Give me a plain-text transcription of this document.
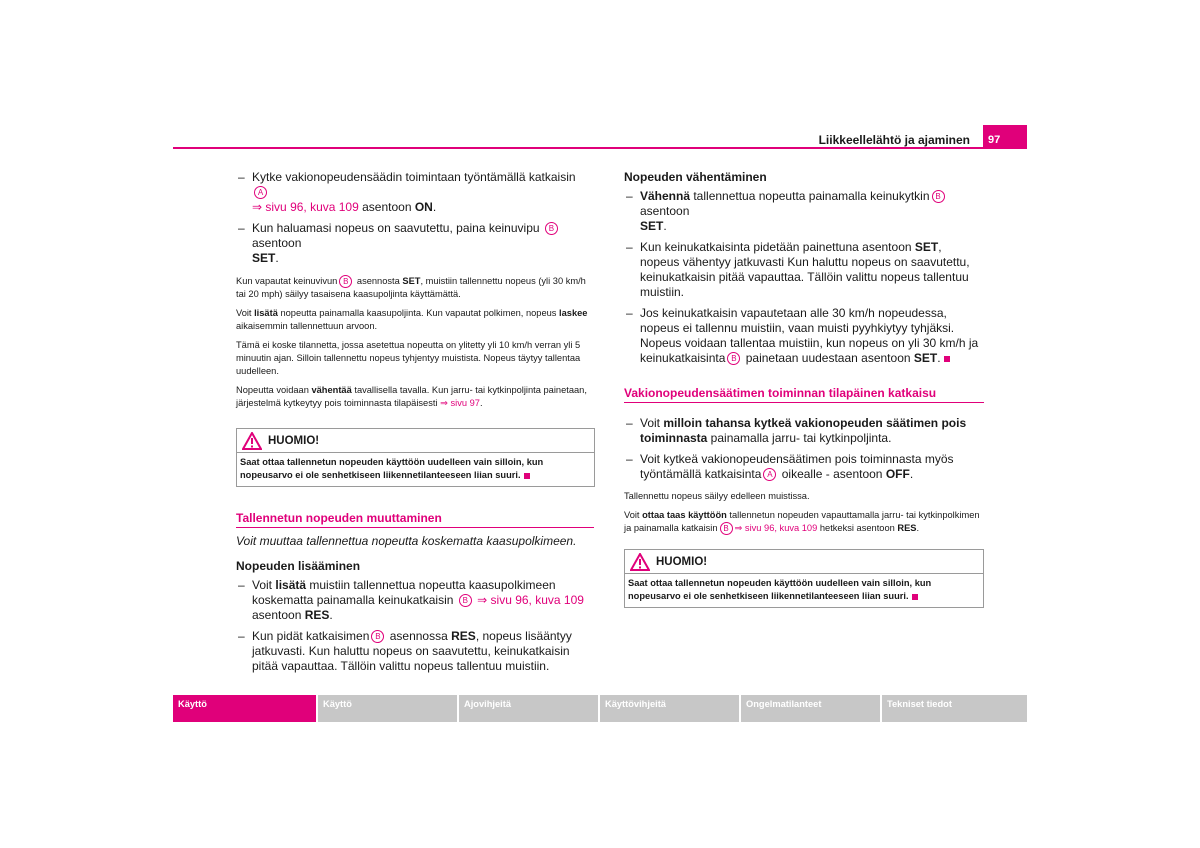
Liikkeellelähtö ja ajaminen	97
– Kytke vakionopeudensäädin toimintaan työntämällä katkaisin A
⇒ sivu 96, kuva 109 asentoon ON.
– Kun haluamasi nopeus on saavutettu, paina keinuvipu B asentoon
SET.
Kun vapautat keinuvivun B asennosta SET, muistiin tallennettu nopeus (yli 30 km/h tai 20 mph) säilyy tasaisena kaasupoljinta käyttämättä.
Voit lisätä nopeutta painamalla kaasupoljinta. Kun vapautat polkimen, nopeus laskee aikaisemmin tallennettuun arvoon.
Tämä ei koske tilannetta, jossa asetettua nopeutta on ylitetty yli 10 km/h verran yli 5 minuutin ajan. Silloin tallennettu nopeus tyhjentyy muistista. Nopeus täytyy tallentaa uudelleen.
Nopeutta voidaan vähentää tavallisella tavalla. Kun jarru- tai kytkinpoljinta painetaan, järjestelmä kytkeytyy pois toiminnasta tilapäisesti ⇒ sivu 97.
HUOMIO!
Saat ottaa tallennetun nopeuden käyttöön uudelleen vain silloin, kun nopeusarvo ei ole senhetkiseen liikennetilanteeseen liian suuri.
Tallennetun nopeuden muuttaminen
Voit muuttaa tallennettua nopeutta koskematta kaasupolkimeen.
Nopeuden lisääminen
– Voit lisätä muistiin tallennettua nopeutta kaasupolkimeen koskematta painamalla keinukatkaisin B ⇒ sivu 96, kuva 109 asentoon RES.
– Kun pidät katkaisimen B asennossa RES, nopeus lisääntyy jatkuvasti. Kun haluttu nopeus on saavutettu, keinukatkaisin pitää vapauttaa. Tällöin valittu nopeus tallentuu muistiin.
Nopeuden vähentäminen
– Vähennä tallennettua nopeutta painamalla keinukytkin B asentoon
SET.
– Kun keinukatkaisinta pidetään painettuna asentoon SET, nopeus vähentyy jatkuvasti Kun haluttu nopeus on saavutettu, keinukatkaisin pitää vapauttaa. Tällöin valittu nopeus tallentuu muistiin.
– Jos keinukatkaisin vapautetaan alle 30 km/h nopeudessa, nopeus ei tallennu muistiin, vaan muisti pyyhkiytyy tyhjäksi. Nopeus voidaan tallentaa muistiin, kun nopeus on yli 30 km/h ja keinukatkaisinta B painetaan uudestaan asentoon SET.
Vakionopeudensäätimen toiminnan tilapäinen katkaisu
– Voit milloin tahansa kytkeä vakionopeuden säätimen pois toiminnasta painamalla jarru- tai kytkinpoljinta.
– Voit kytkeä vakionopeudensäätimen pois toiminnasta myös työntämällä katkaisinta A oikealle - asentoon OFF.
Tallennettu nopeus säilyy edelleen muistissa.
Voit ottaa taas käyttöön tallennetun nopeuden vapauttamalla jarru- tai kytkinpolkimen ja painamalla katkaisin B ⇒ sivu 96, kuva 109 hetkeksi asentoon RES.
HUOMIO!
Saat ottaa tallennetun nopeuden käyttöön uudelleen vain silloin, kun nopeusarvo ei ole senhetkiseen liikennetilanteeseen liian suuri.
Käyttö	Käyttö	Ajovihjeitä	Käyttövihjeitä	Ongelmatilanteet	Tekniset tiedot
